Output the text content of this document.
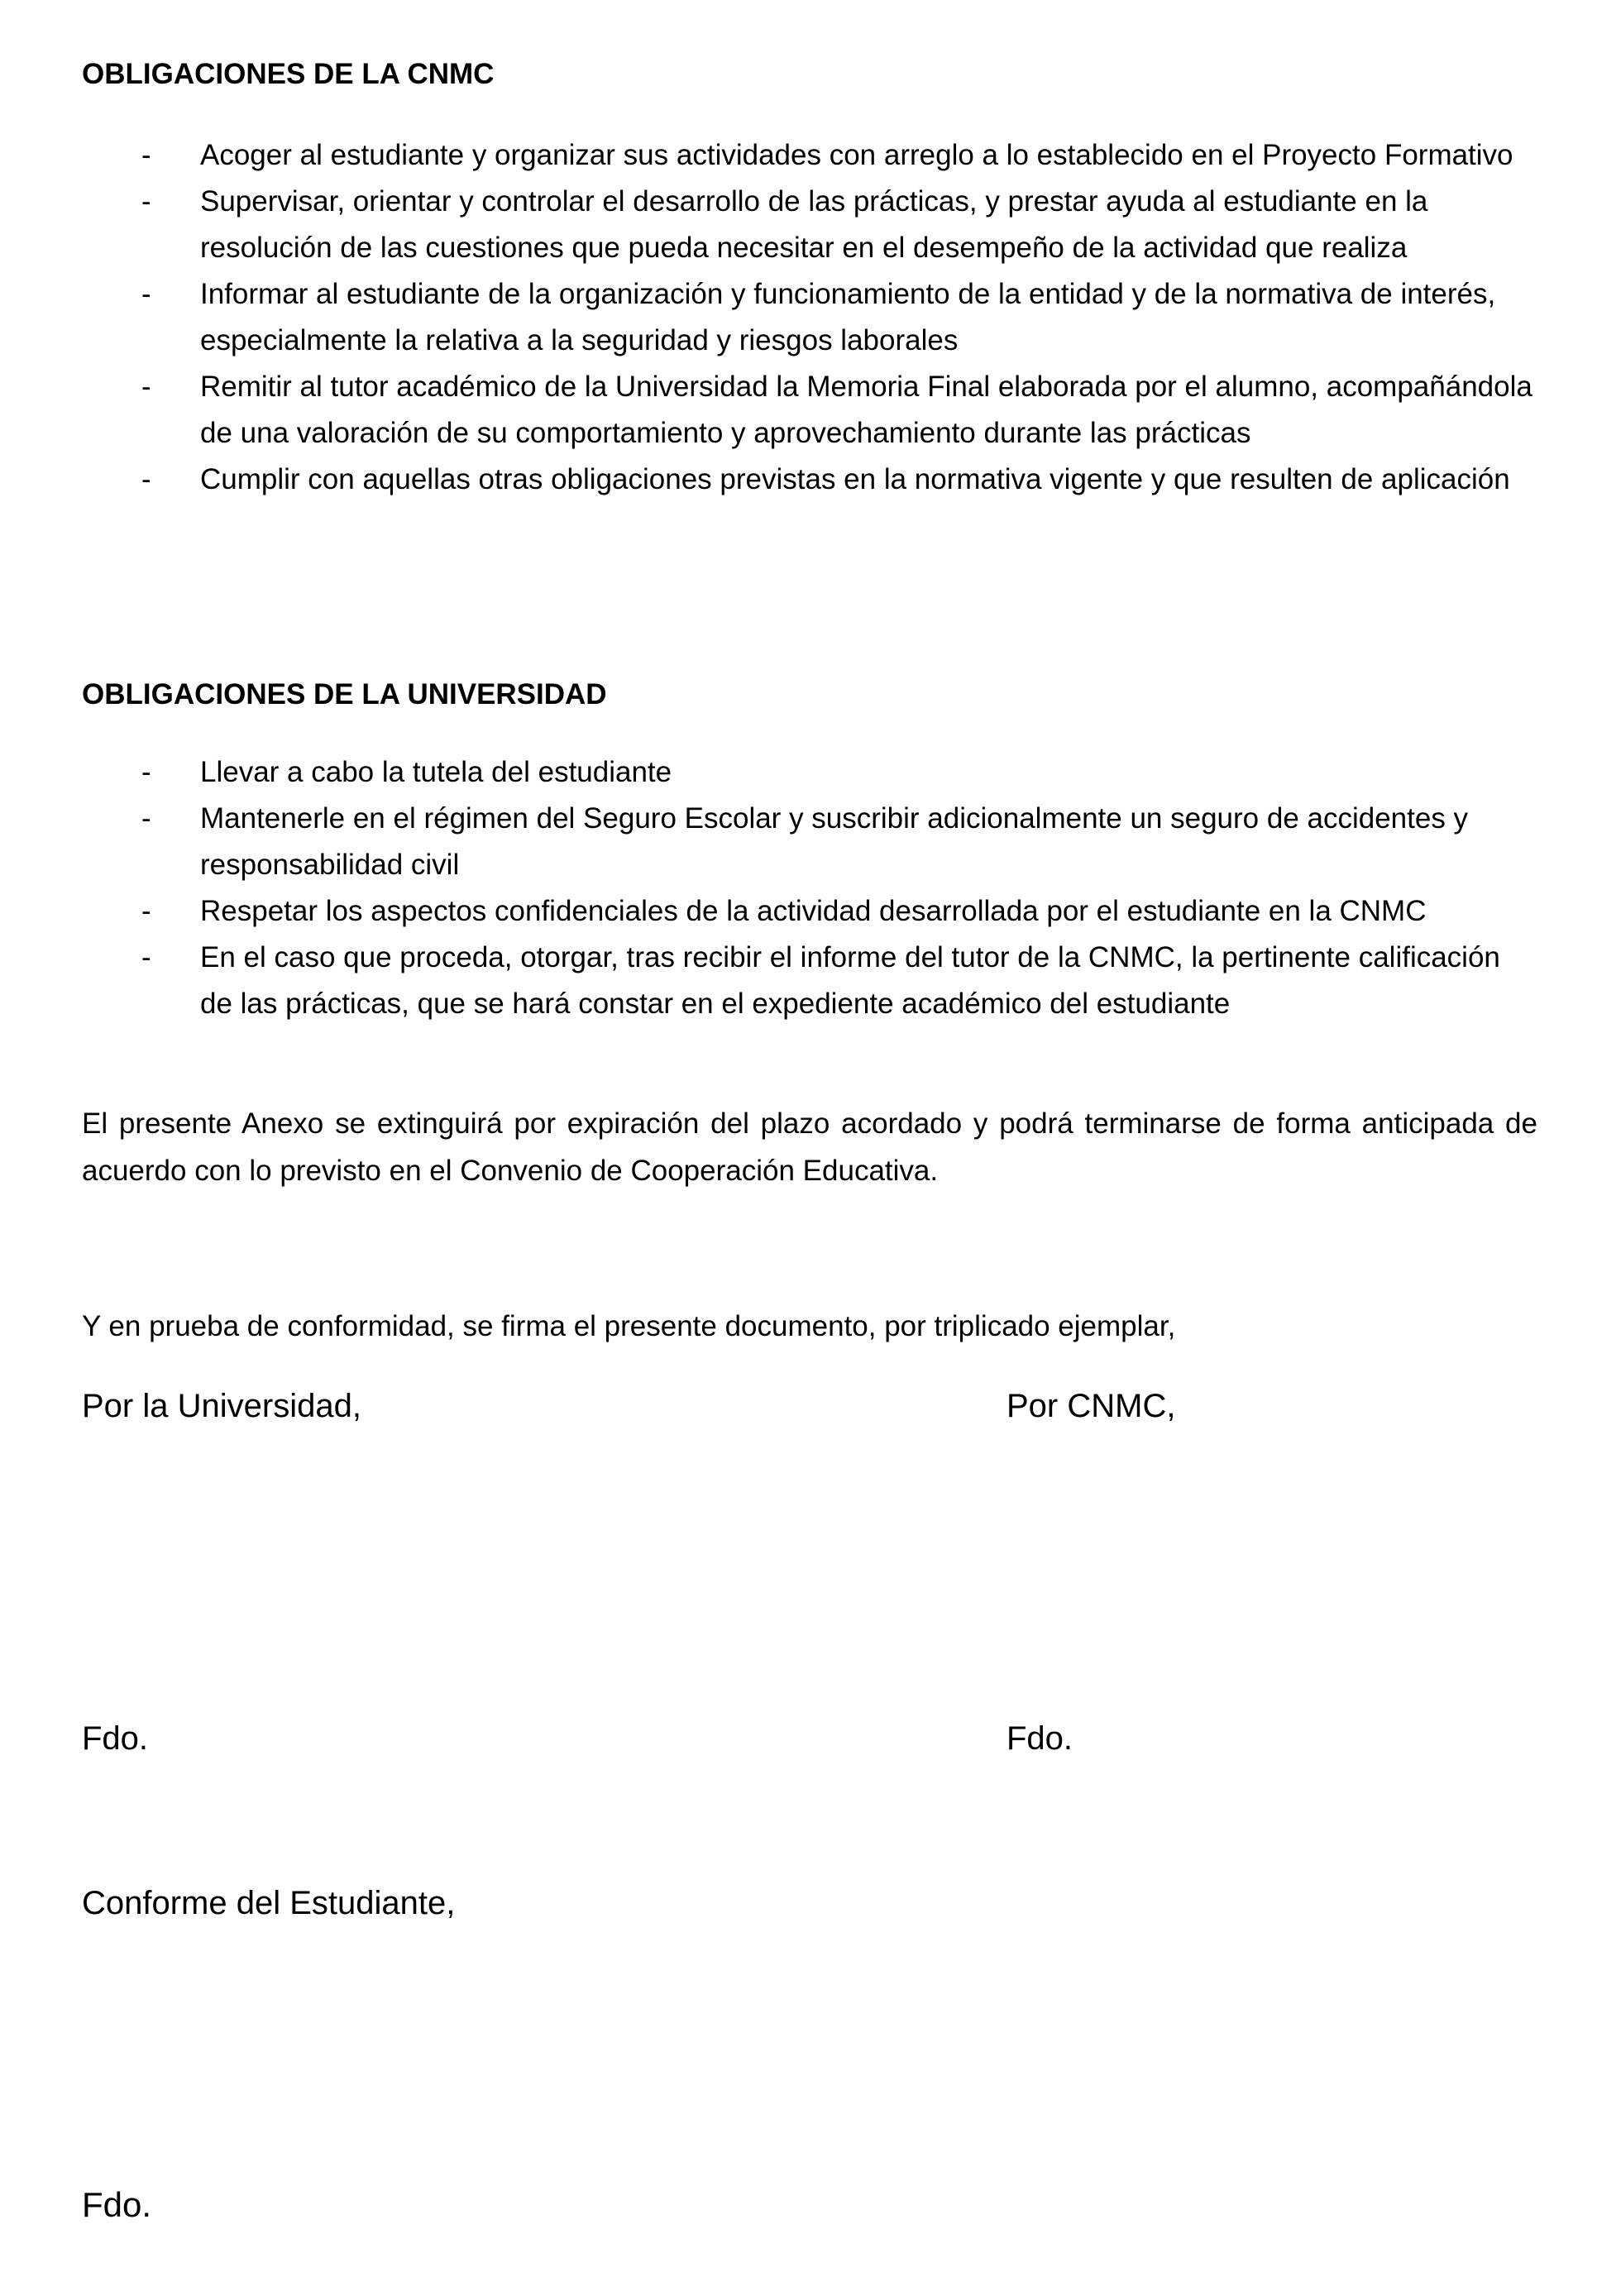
OBLIGACIONES DE LA CNMC
- Acoger al estudiante y organizar sus actividades con arreglo a lo establecido en el Proyecto Formativo
- Supervisar, orientar y controlar el desarrollo de las prácticas, y prestar ayuda al estudiante en la resolución de las cuestiones que pueda necesitar en el desempeño de la actividad que realiza
- Informar al estudiante de la organización y funcionamiento de la entidad y de la normativa de interés, especialmente la relativa a la seguridad y riesgos laborales
- Remitir al tutor académico de la Universidad la Memoria Final elaborada por el alumno, acompañándola de una valoración de su comportamiento y aprovechamiento durante las prácticas
- Cumplir con aquellas otras obligaciones previstas en la normativa vigente y que resulten de aplicación
OBLIGACIONES DE LA UNIVERSIDAD
- Llevar a cabo la tutela del estudiante
- Mantenerle en el régimen del Seguro Escolar y suscribir adicionalmente un seguro de accidentes y responsabilidad civil
- Respetar los aspectos confidenciales de la actividad desarrollada por el estudiante en la CNMC
- En el caso que proceda, otorgar, tras recibir el informe del tutor de la CNMC, la pertinente calificación de las prácticas, que se hará constar en el expediente académico del estudiante

El presente Anexo se extinguirá por expiración del plazo acordado y podrá terminarse de forma anticipada de acuerdo con lo previsto en el Convenio de Cooperación Educativa.

Y en prueba de conformidad, se firma el presente documento, por triplicado ejemplar,

Por la Universidad,	Por CNMC,

Fdo.	Fdo.

Conforme del Estudiante,

Fdo.
